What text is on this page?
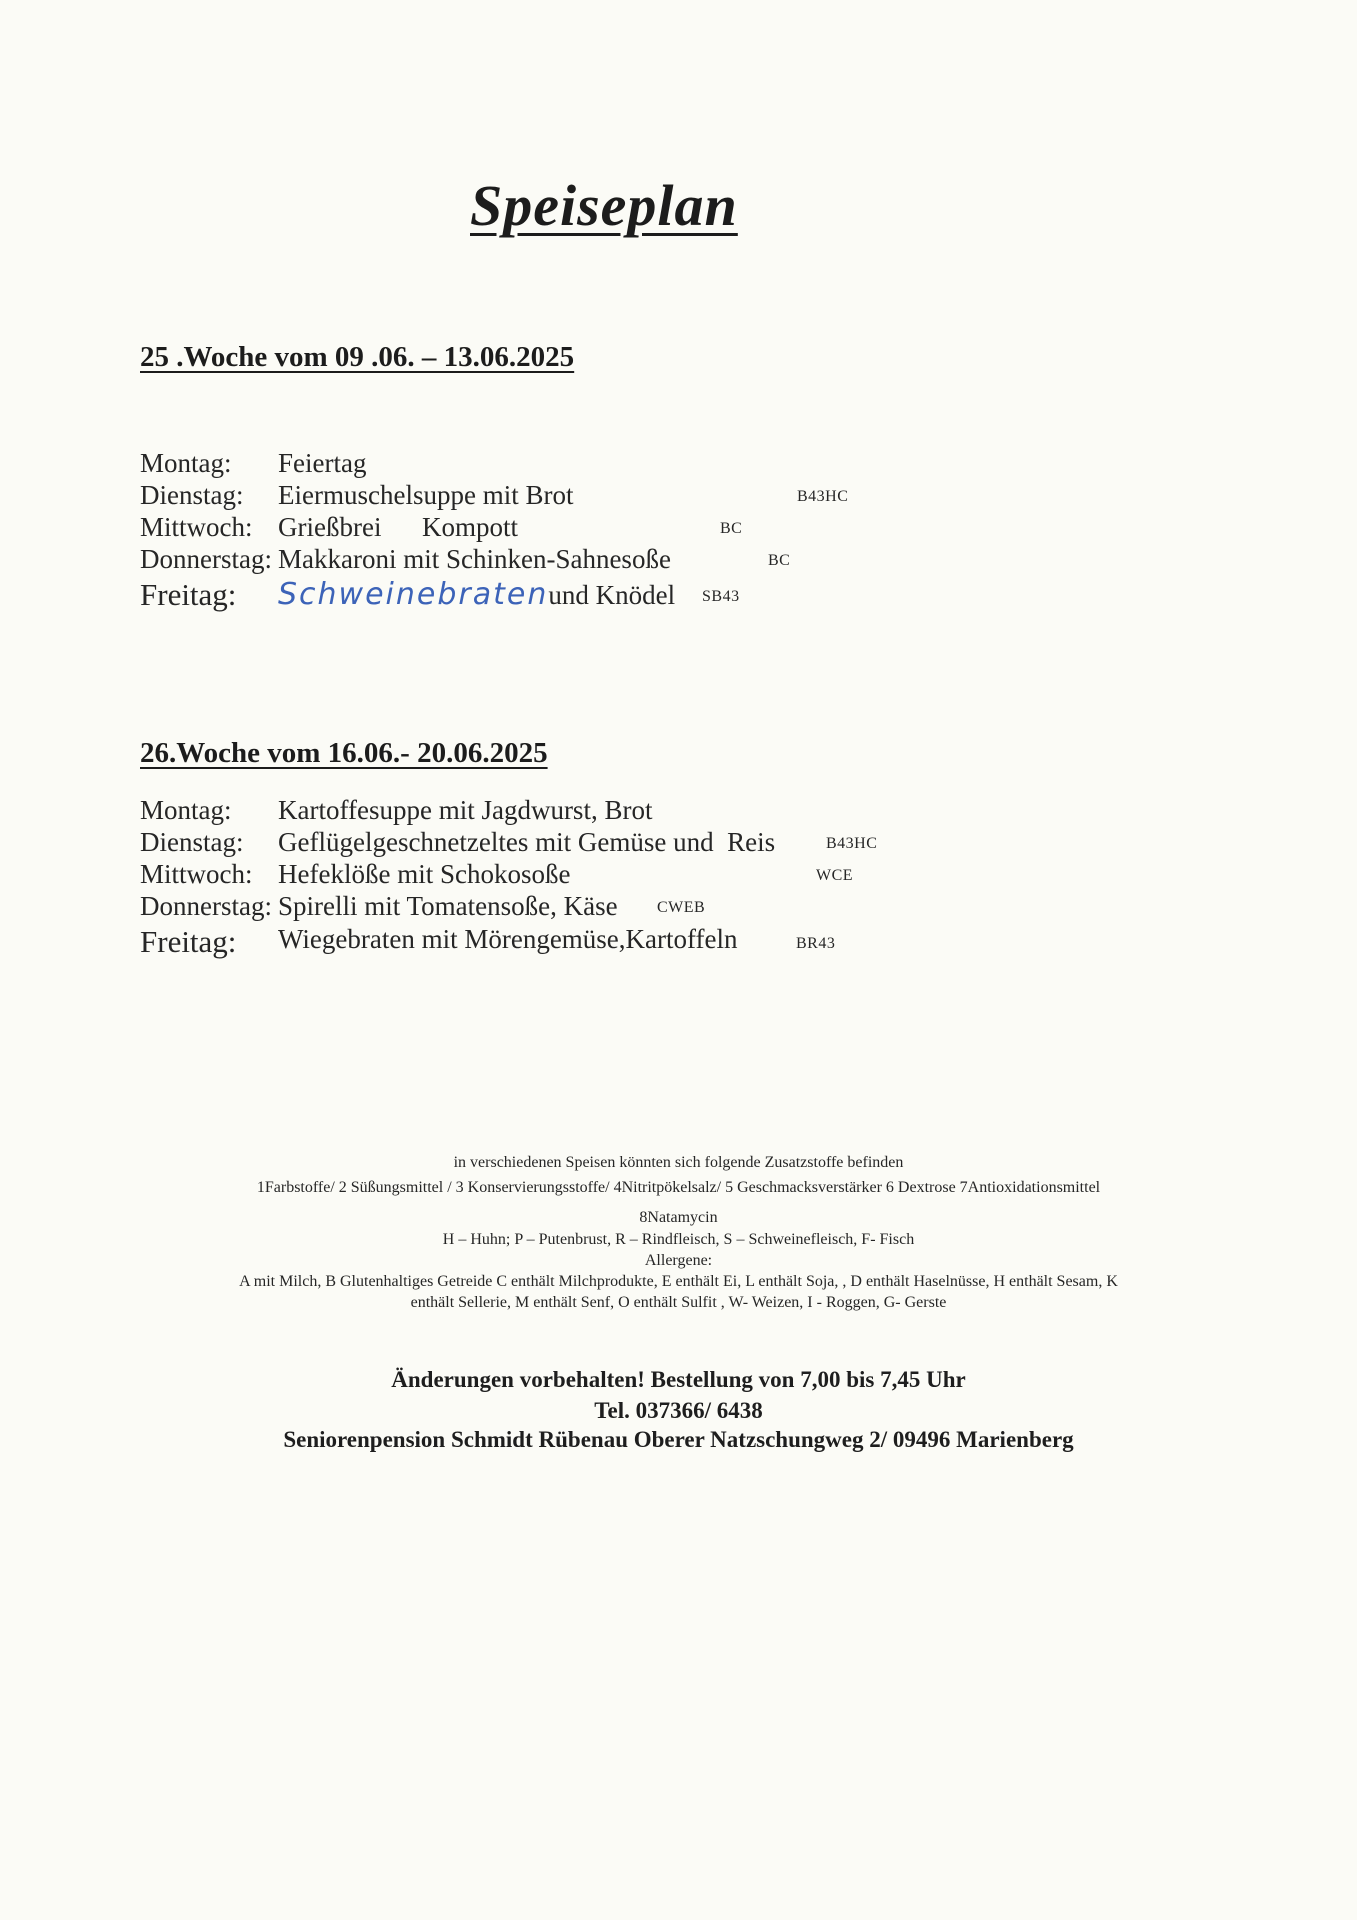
Speiseplan
25 .Woche vom 09 .06. – 13.06.2025
Montag: Feiertag
Dienstag: Eiermuschelsuppe mit Brot	B43HC
Mittwoch: Grießbrei      Kompott	BC
Donnerstag: Makkaroni mit Schinken-Sahnesoße	BC
Freitag: Schweinebratenund Knödel SB43
26.Woche vom 16.06.- 20.06.2025
Montag: Kartoffesuppe mit Jagdwurst, Brot
Dienstag: Geflügelgeschnetzeltes mit Gemüse und  Reis	B43HC
Mittwoch: Hefeklöße mit Schokosoße	WCE
Donnerstag: Spirelli mit Tomatensoße, Käse CWEB
Freitag: Wiegebraten mit Mörengemüse,Kartoffeln	BR43
in verschiedenen Speisen könnten sich folgende Zusatzstoffe befinden
1Farbstoffe/ 2 Süßungsmittel / 3 Konservierungsstoffe/ 4Nitritpökelsalz/ 5 Geschmacksverstärker 6 Dextrose 7Antioxidationsmittel
8Natamycin
H – Huhn; P – Putenbrust, R – Rindfleisch, S – Schweinefleisch, F- Fisch
Allergene:
A mit Milch, B Glutenhaltiges Getreide C enthält Milchprodukte, E enthält Ei, L enthält Soja, , D enthält Haselnüsse, H enthält Sesam, K
enthält Sellerie, M enthält Senf, O enthält Sulfit , W- Weizen, I - Roggen, G- Gerste
Änderungen vorbehalten! Bestellung von 7,00 bis 7,45 Uhr
Tel. 037366/ 6438
Seniorenpension Schmidt Rübenau Oberer Natzschungweg 2/ 09496 Marienberg
